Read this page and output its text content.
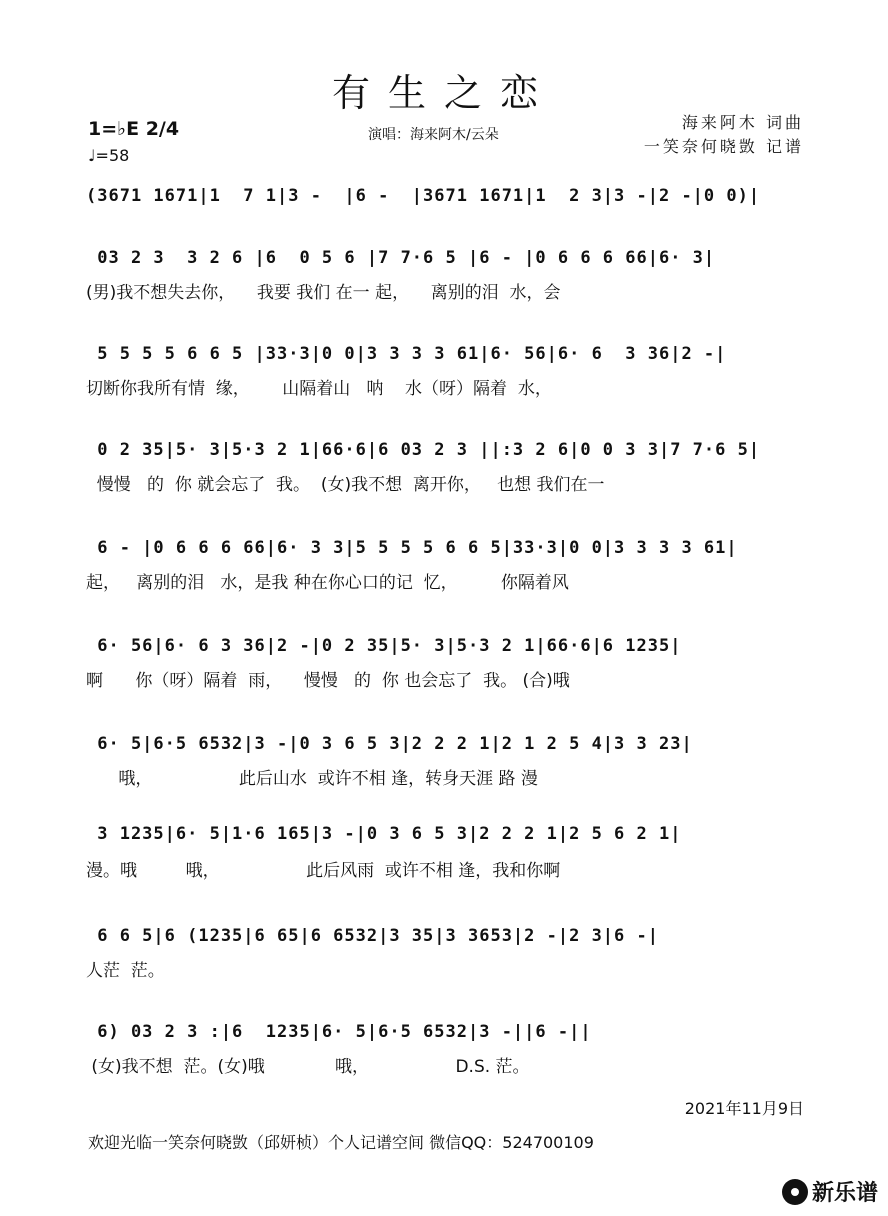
有生之恋
1=♭E 2/4
♩=58
演唱：海来阿木/云朵
海来阿木 词曲
一笑奈何晓敳 记谱
(3671 1671|1  7 1|3 -  |6 -  |3671 1671|1  2 3|3 -|2 -|0 0)|
03 2 3  3 2 6 |6  0 5 6 |7 7·6 5 |6 - |0 6 6 6 66|6· 3|
(男)我不想失去你，    我要 我们 在一 起，    离别的泪  水，会
5 5 5 5 6 6 5 |33·3|0 0|3 3 3 3 61|6· 56|6· 6  3 36|2 -|
切断你我所有情  缘，      山隔着山   呐    水（呀）隔着  水，
0 2 35|5· 3|5·3 2 1|66·6|6 03 2 3 ||:3 2 6|0 0 3 3|7 7·6 5|
慢慢   的  你 就会忘了  我。  (女)我不想  离开你，   也想 我们在一
6 - |0 6 6 6 66|6· 3 3|5 5 5 5 6 6 5|33·3|0 0|3 3 3 3 61|
起，   离别的泪   水，是我 种在你心口的记  忆，        你隔着风
6· 56|6· 6 3 36|2 -|0 2 35|5· 3|5·3 2 1|66·6|6 1235|
啊      你（呀）隔着  雨，    慢慢   的  你 也会忘了  我。 (合)哦
6· 5|6·5 6532|3 -|0 3 6 5 3|2 2 2 1|2 1 2 5 4|3 3 23|
哦，                此后山水  或许不相 逢，转身天涯 路 漫
3 1235|6· 5|1·6 165|3 -|0 3 6 5 3|2 2 2 1|2 5 6 2 1|
漫。哦         哦，                此后风雨  或许不相 逢，我和你啊
6 6 5|6 (1235|6 65|6 6532|3 35|3 3653|2 -|2 3|6 -|
人茫  茫。
6) 03 2 3 :|6  1235|6· 5|6·5 6532|3 -||6 -||
(女)我不想  茫。(女)哦             哦，                D.S. 茫。
2021年11月9日
欢迎光临一笑奈何晓敳（邱妍桢）个人记谱空间 微信QQ：524700109
新乐谱
